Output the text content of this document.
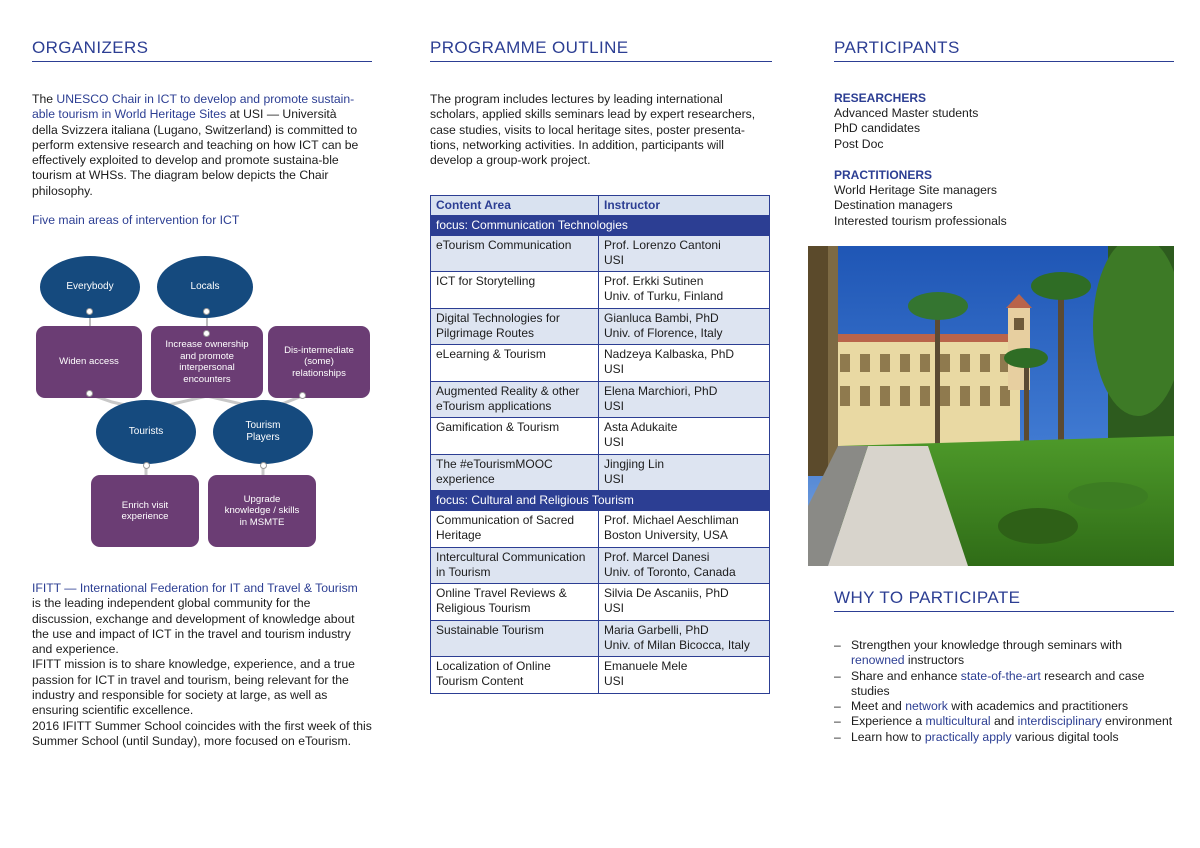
ORGANIZERS
The UNESCO Chair in ICT to develop and promote sustain-able tourism in World Heritage Sites at USI — Università della Svizzera italiana (Lugano, Switzerland) is committed to perform extensive research and teaching on how ICT can be effectively exploited to develop and promote sustaina-ble tourism at WHSs. The diagram below depicts the Chair philosophy.
Five main areas of intervention for ICT
Everybody	Locals
Widen access
Increase ownership and promote interpersonal encounters
Dis-intermediate (some) relationships
Tourists
Tourism Players
Enrich visit experience
Upgrade knowledge / skills in MSMTE
IFITT — International Federation for IT and Travel & Tourism
is the leading independent global community for the discussion, exchange and development of knowledge about the use and impact of ICT in the travel and tourism industry and experience.
IFITT mission is to share knowledge, experience, and a true passion for ICT in travel and tourism, being relevant for the industry and responsible for society at large, as well as ensuring scientific excellence.
2016 IFITT Summer School coincides with the first week of this Summer School (until Sunday), more focused on eTourism.
PROGRAMME OUTLINE
The program includes lectures by leading international scholars, applied skills seminars lead by expert researchers, case studies, visits to local heritage sites, poster presenta-tions, networking activities. In addition, participants will develop a group-work project.
Content Area	Instructor
focus: Communication Technologies	
eTourism Communication	Prof. Lorenzo Cantoni
USI

ICT for Storytelling	Prof. Erkki Sutinen
Univ. of Turku, Finland

Digital Technologies for Pilgrimage Routes	Gianluca Bambi, PhD
Univ. of Florence, Italy

eLearning & Tourism	Nadzeya Kalbaska, PhD
USI

Augmented Reality & other eTourism applications	Elena Marchiori, PhD
USI

Gamification & Tourism	Asta Adukaite
USI

The #eTourismMOOC experience	Jingjing Lin
USI

focus: Cultural and Religious Tourism	
Communication of Sacred Heritage	Prof. Michael Aeschliman
Boston University, USA

Intercultural Communication in Tourism	Prof. Marcel Danesi
Univ. of Toronto, Canada

Online Travel Reviews & Religious Tourism	Silvia De Ascaniis, PhD
USI

Sustainable Tourism	Maria Garbelli, PhD
Univ. of Milan Bicocca, Italy

Localization of Online Tourism Content	Emanuele Mele
USI
PARTICIPANTS
RESEARCHERS
Advanced Master students
PhD candidates
Post Doc
PRACTITIONERS
World Heritage Site managers
Destination managers
Interested tourism professionals
WHY TO PARTICIPATE
– Strengthen your knowledge through seminars with renowned instructors
– Share and enhance state-of-the-art research and case studies
– Meet and network with academics and practitioners
– Experience a multicultural and interdisciplinary environment
– Learn how to practically apply various digital tools
